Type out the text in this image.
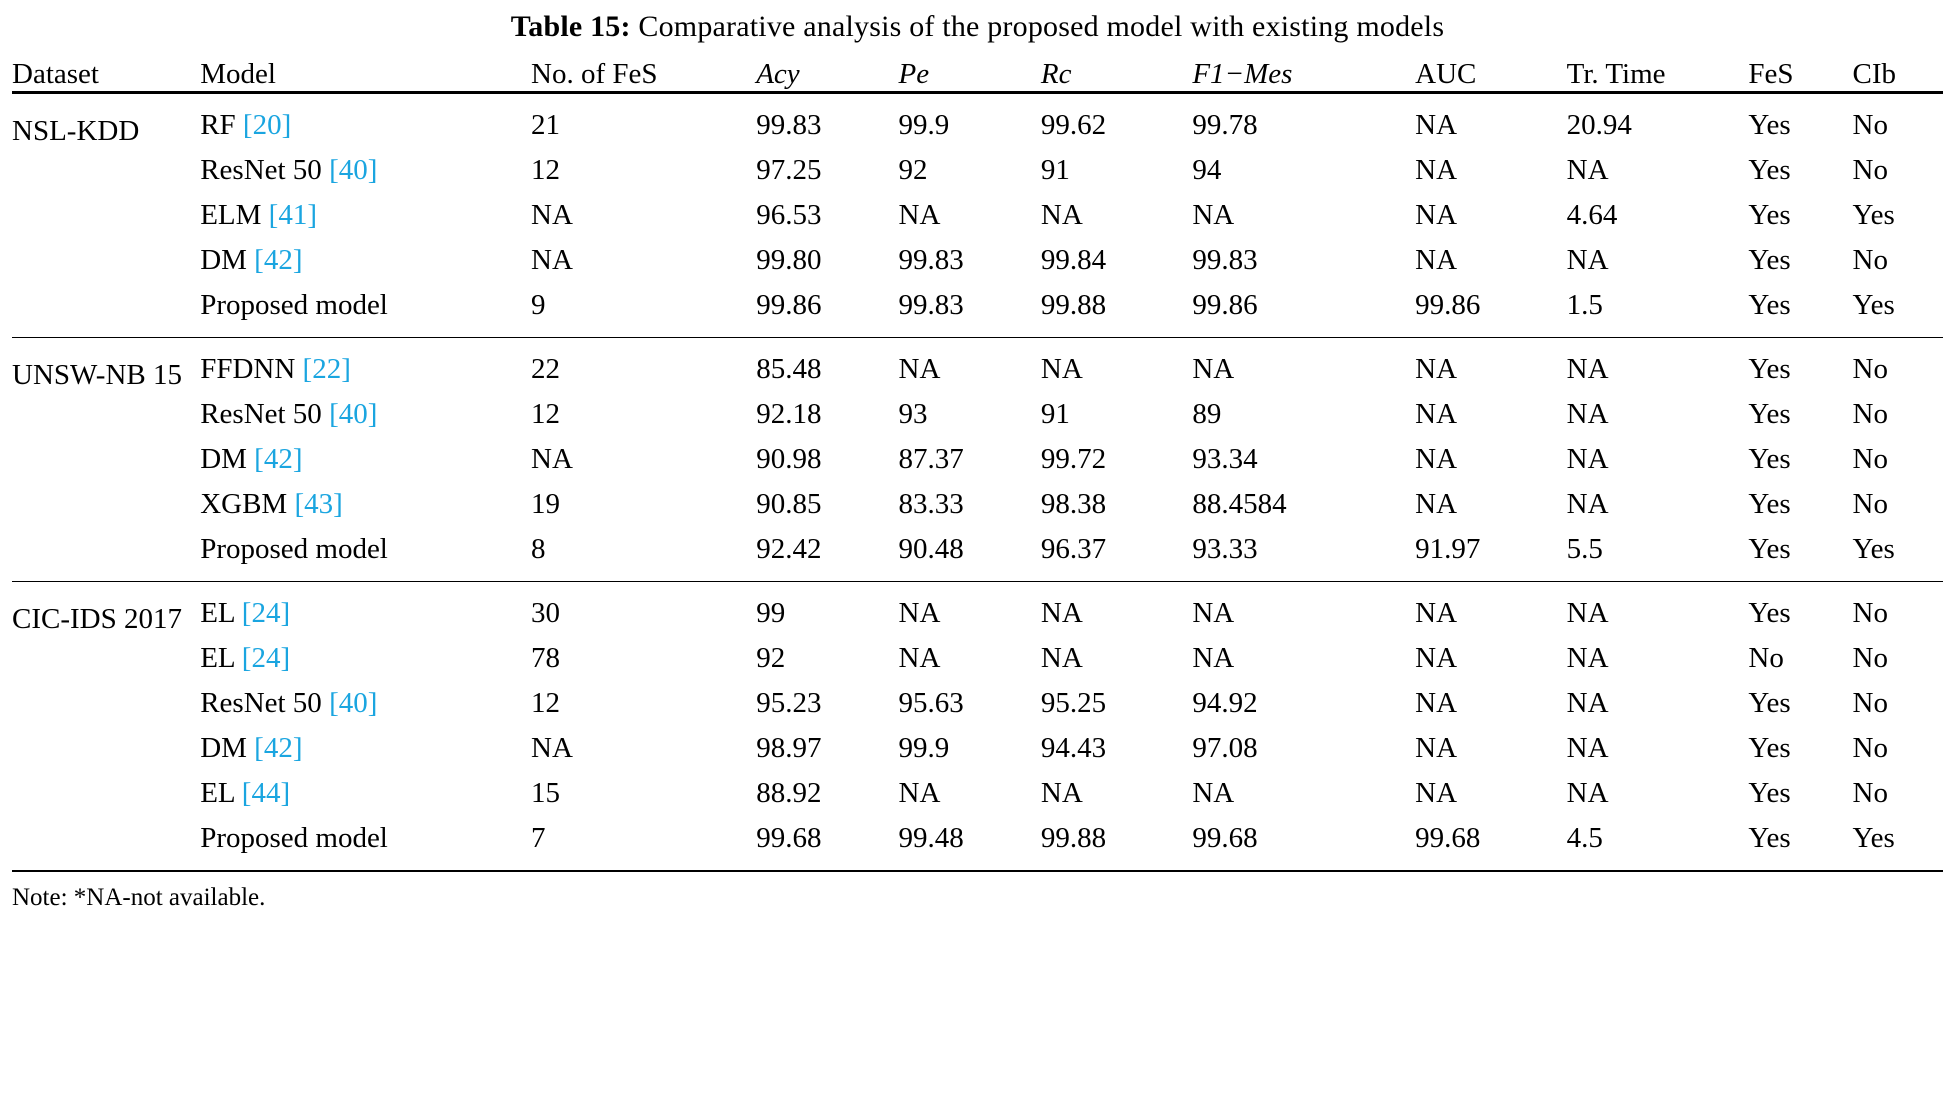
Table 15: Comparative analysis of the proposed model with existing models

Dataset	Model	No. of FeS	Acy	Pe	Rc	F1−Mes	AUC	Tr. Time	FeS	CIb

NSL-KDD	RF [20]	21	99.83	99.9	99.62	99.78	NA	20.94	Yes	No
	ResNet 50 [40]	12	97.25	92	91	94	NA	NA	Yes	No
	ELM [41]	NA	96.53	NA	NA	NA	NA	4.64	Yes	Yes
	DM [42]	NA	99.80	99.83	99.84	99.83	NA	NA	Yes	No
	Proposed model	9	99.86	99.83	99.88	99.86	99.86	1.5	Yes	Yes

UNSW-NB 15	FFDNN [22]	22	85.48	NA	NA	NA	NA	NA	Yes	No
	ResNet 50 [40]	12	92.18	93	91	89	NA	NA	Yes	No
	DM [42]	NA	90.98	87.37	99.72	93.34	NA	NA	Yes	No
	XGBM [43]	19	90.85	83.33	98.38	88.4584	NA	NA	Yes	No
	Proposed model	8	92.42	90.48	96.37	93.33	91.97	5.5	Yes	Yes

CIC-IDS 2017	EL [24]	30	99	NA	NA	NA	NA	NA	Yes	No
	EL [24]	78	92	NA	NA	NA	NA	NA	No	No
	ResNet 50 [40]	12	95.23	95.63	95.25	94.92	NA	NA	Yes	No
	DM [42]	NA	98.97	99.9	94.43	97.08	NA	NA	Yes	No
	EL [44]	15	88.92	NA	NA	NA	NA	NA	Yes	No
	Proposed model	7	99.68	99.48	99.88	99.68	99.68	4.5	Yes	Yes

Note: *NA-not available.
